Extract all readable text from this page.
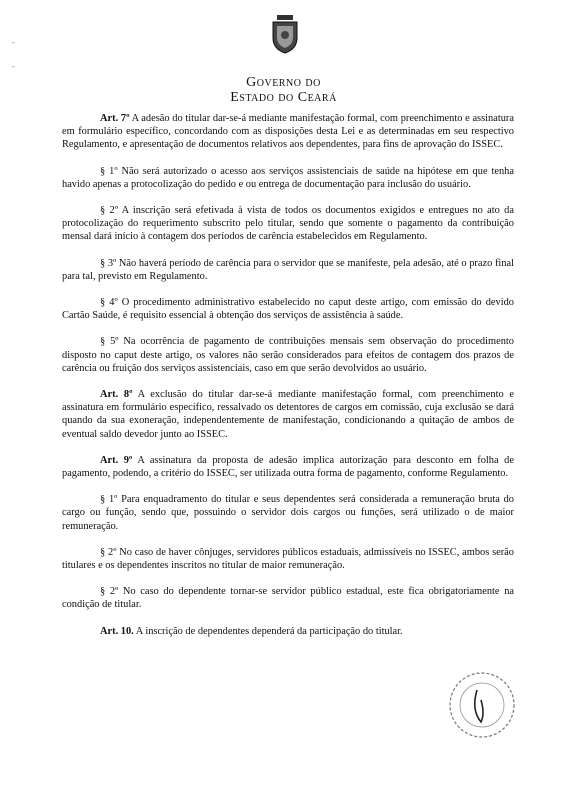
Governo do
Estado do Ceará
-
-

Art. 7º A adesão do titular dar-se-á mediante manifestação formal, com preenchimento e assinatura em formulário específico, concordando com as disposições desta Lei e as determinadas em seu respectivo Regulamento, e apresentação de documentos relativos aos dependentes, para fins de aprovação do ISSEC.

§ 1º Não será autorizado o acesso aos serviços assistenciais de saúde na hipótese em que tenha havido apenas a protocolização do pedido e ou entrega de documentação para inclusão do usuário.

§ 2º A inscrição será efetivada à vista de todos os documentos exigidos e entregues no ato da protocolização do requerimento subscrito pelo titular, sendo que somente o pagamento da contribuição mensal dará início à contagem dos períodos de carência estabelecidos em Regulamento.

§ 3º Não haverá período de carência para o servidor que se manifeste, pela adesão, até o prazo final para tal, previsto em Regulamento.

§ 4º O procedimento administrativo estabelecido no caput deste artigo, com emissão do devido Cartão Saúde, é requisito essencial à obtenção dos serviços de assistência à saúde.

§ 5º Na ocorrência de pagamento de contribuições mensais sem observação do procedimento disposto no caput deste artigo, os valores não serão considerados para efeitos de contagem dos prazos de carência ou fruição dos serviços assistenciais, caso em que serão devolvidos ao usuário.

Art. 8º A exclusão do titular dar-se-á mediante manifestação formal, com preenchimento e assinatura em formulário específico, ressalvado os detentores de cargos em comissão, cuja exclusão se dará quando da sua exoneração, independentemente de manifestação, condicionando a quitação de ambos de eventual saldo devedor junto ao ISSEC.

Art. 9º A assinatura da proposta de adesão implica autorização para desconto em folha de pagamento, podendo, a critério do ISSEC, ser utilizada outra forma de pagamento, conforme Regulamento.

§ 1º Para enquadramento do titular e seus dependentes será considerada a remuneração bruta do cargo ou função, sendo que, possuindo o servidor dois cargos ou funções, será utilizado o de maior remuneração.

§ 2º No caso de haver cônjuges, servidores públicos estaduais, admissíveis no ISSEC, ambos serão titulares e os dependentes inscritos no titular de maior remuneração.

§ 2º No caso do dependente tornar-se servidor público estadual, este fica obrigatoriamente na condição de titular.

Art. 10. A inscrição de dependentes dependerá da participação do titular.
